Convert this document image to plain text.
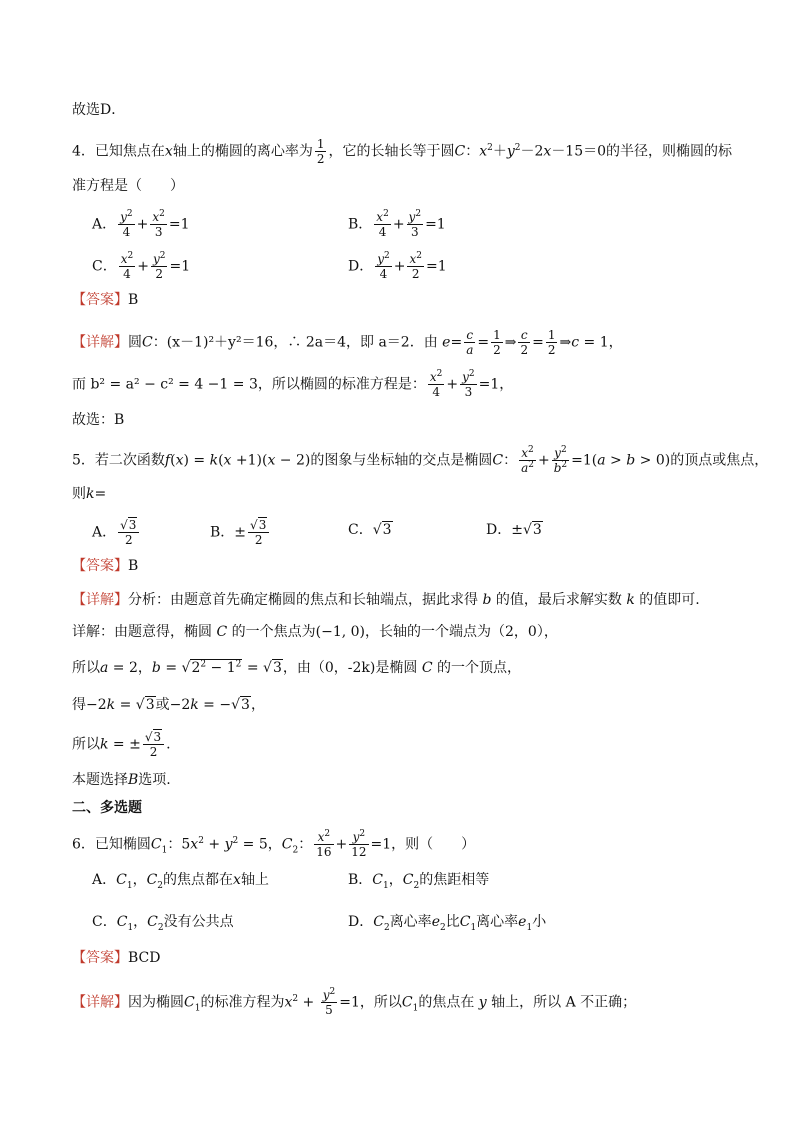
故选D．
4．已知焦点在x轴上的椭圆的离心率为 $\frac{1}{2}$ ，它的长轴长等于圆C：$x^2+y^2-2x-15=0$的半径，则椭圆的标
准方程是（　　）
A． $\frac{y^2}{4} + \frac{x^2}{3} =1$	B． $\frac{x^2}{4} + \frac{y^2}{3} =1$
C． $\frac{x^2}{4} + \frac{y^2}{2} =1$	D． $\frac{y^2}{4} + \frac{x^2}{2} =1$
【答案】B
【详解】圆C：(x－1)²＋y²＝16，∴ 2a＝4，即 a＝2．由 $e= \frac{c}{a} = \frac{1}{2}$ ⇒ $\frac{c}{2} = \frac{1}{2}$ ⇒c = 1，
而 b² = a² − c² = 4 −1 = 3，所以椭圆的标准方程是： $\frac{x^2}{4} + \frac{y^2}{3} =1$，
故选：B
5．若二次函数f(x) = k(x +1)(x − 2)的图象与坐标轴的交点是椭圆C： $\frac{x^2}{a^2} + \frac{y^2}{b^2} =1(a > b > 0)$的顶点或焦点，
则k=
A． $\frac{√3}{2}$	B．± $\frac{√3}{2}$	C．√3	D．±√3
【答案】B
【详解】分析：由题意首先确定椭圆的焦点和长轴端点，据此求得 b 的值，最后求解实数 k 的值即可.
详解：由题意得，椭圆 C 的一个焦点为(−1, 0)，长轴的一个端点为（2，0），
所以a = 2，$b = √2^2 - 1^2 = √3$，由（0，-2k)是椭圆 C 的一个顶点，
得−2k = √3或−2k = −√3，
所以k = ± $\frac{√3}{2}$ .
本题选择B选项.
二、多选题
6．已知椭圆$C_1$：$5x^2 + y^2 = 5$，$C_2$： $\frac{x^2}{16} + \frac{y^2}{12} =1$，则（　　）
A．$C_1$，$C_2$的焦点都在x轴上	B．$C_1$，$C_2$的焦距相等
C．$C_1$，$C_2$没有公共点	D．$C_2$离心率$e_2$比$C_1$离心率$e_1$小
【答案】BCD
【详解】因为椭圆$C_1$的标准方程为$x^2 + \frac{y^2}{5} =1$，所以$C_1$的焦点在 y 轴上，所以 A 不正确；
